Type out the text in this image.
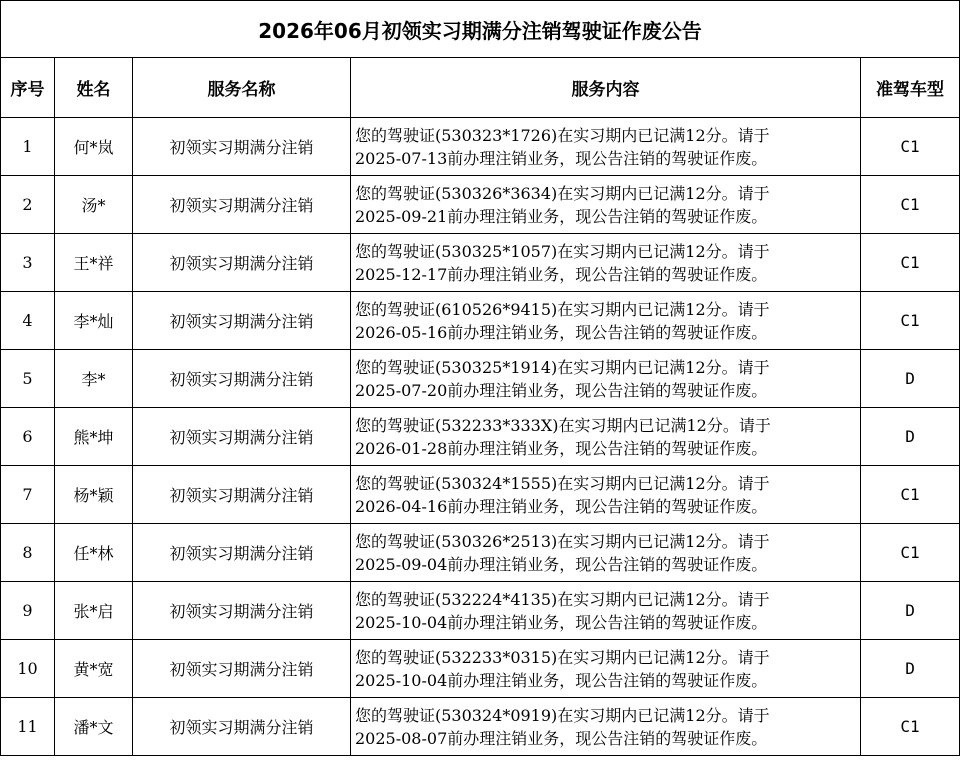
2026年06月初领实习期满分注销驾驶证作废公告				
序号	姓名	服务名称	服务内容	准驾车型
1	何*岚	初领实习期满分注销	您的驾驶证(530323*1726)在实习期内已记满12分。请于
2025-07-13前办理注销业务，现公告注销的驾驶证作废。	C1
2	汤*	初领实习期满分注销	您的驾驶证(530326*3634)在实习期内已记满12分。请于
2025-09-21前办理注销业务，现公告注销的驾驶证作废。	C1
3	王*祥	初领实习期满分注销	您的驾驶证(530325*1057)在实习期内已记满12分。请于
2025-12-17前办理注销业务，现公告注销的驾驶证作废。	C1
4	李*灿	初领实习期满分注销	您的驾驶证(610526*9415)在实习期内已记满12分。请于
2026-05-16前办理注销业务，现公告注销的驾驶证作废。	C1
5	李*	初领实习期满分注销	您的驾驶证(530325*1914)在实习期内已记满12分。请于
2025-07-20前办理注销业务，现公告注销的驾驶证作废。	D
6	熊*坤	初领实习期满分注销	您的驾驶证(532233*333X)在实习期内已记满12分。请于
2026-01-28前办理注销业务，现公告注销的驾驶证作废。	D
7	杨*颖	初领实习期满分注销	您的驾驶证(530324*1555)在实习期内已记满12分。请于
2026-04-16前办理注销业务，现公告注销的驾驶证作废。	C1
8	任*林	初领实习期满分注销	您的驾驶证(530326*2513)在实习期内已记满12分。请于
2025-09-04前办理注销业务，现公告注销的驾驶证作废。	C1
9	张*启	初领实习期满分注销	您的驾驶证(532224*4135)在实习期内已记满12分。请于
2025-10-04前办理注销业务，现公告注销的驾驶证作废。	D
10	黄*宽	初领实习期满分注销	您的驾驶证(532233*0315)在实习期内已记满12分。请于
2025-10-04前办理注销业务，现公告注销的驾驶证作废。	D
11	潘*文	初领实习期满分注销	您的驾驶证(530324*0919)在实习期内已记满12分。请于
2025-08-07前办理注销业务，现公告注销的驾驶证作废。	C1
